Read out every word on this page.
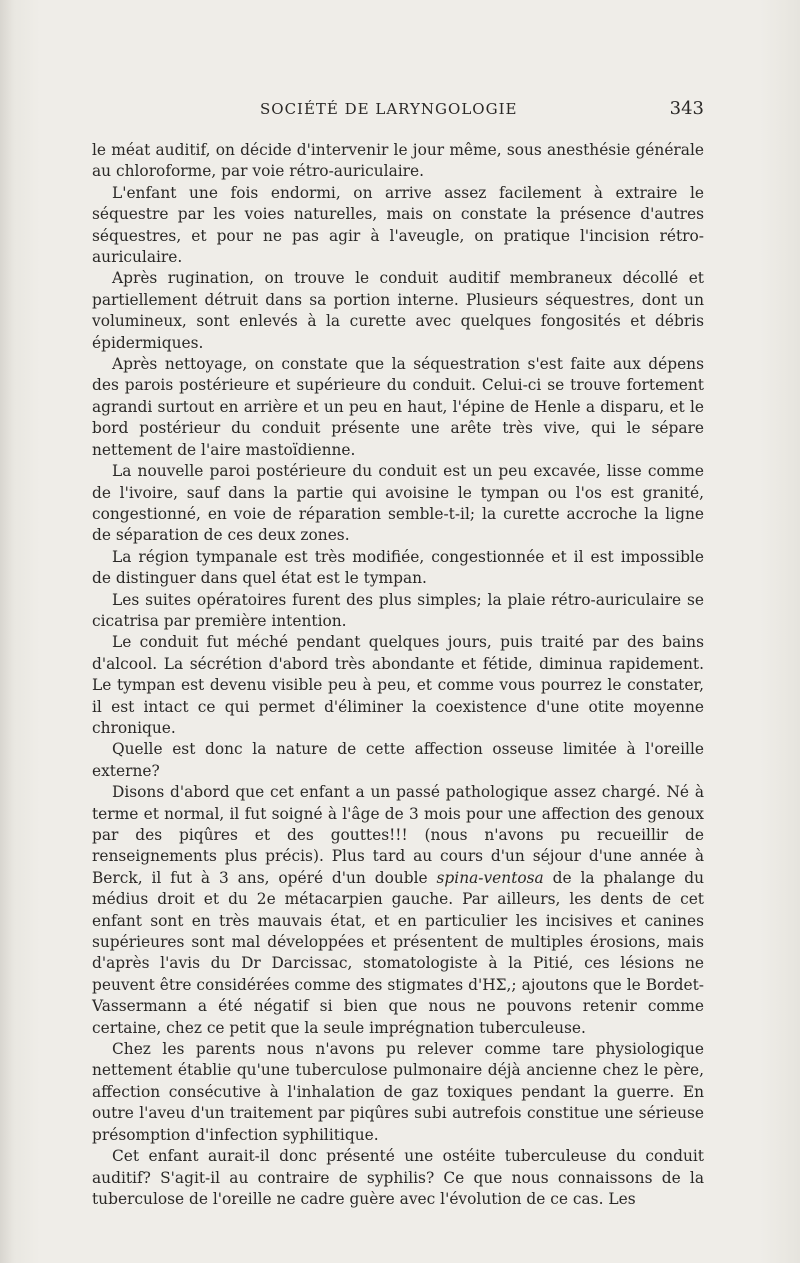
SOCIÉTÉ DE LARYNGOLOGIE	343

le méat auditif, on décide d'intervenir le jour même, sous anesthésie générale au chloroforme, par voie rétro-auriculaire.

L'enfant une fois endormi, on arrive assez facilement à extraire le séquestre par les voies naturelles, mais on constate la présence d'autres séquestres, et pour ne pas agir à l'aveugle, on pratique l'incision rétro-auriculaire.

Après rugination, on trouve le conduit auditif membraneux décollé et partiellement détruit dans sa portion interne. Plusieurs séquestres, dont un volumineux, sont enlevés à la curette avec quelques fongosités et débris épidermiques.

Après nettoyage, on constate que la séquestration s'est faite aux dépens des parois postérieure et supérieure du conduit. Celui-ci se trouve fortement agrandi surtout en arrière et un peu en haut, l'épine de Henle a disparu, et le bord postérieur du conduit présente une arête très vive, qui le sépare nettement de l'aire mastoïdienne.

La nouvelle paroi postérieure du conduit est un peu excavée, lisse comme de l'ivoire, sauf dans la partie qui avoisine le tympan ou l'os est granité, congestionné, en voie de réparation semble-t-il; la curette accroche la ligne de séparation de ces deux zones.

La région tympanale est très modifiée, congestionnée et il est impossible de distinguer dans quel état est le tympan.

Les suites opératoires furent des plus simples; la plaie rétro-auriculaire se cicatrisa par première intention.

Le conduit fut méché pendant quelques jours, puis traité par des bains d'alcool. La sécrétion d'abord très abondante et fétide, diminua rapidement. Le tympan est devenu visible peu à peu, et comme vous pourrez le constater, il est intact ce qui permet d'éliminer la coexistence d'une otite moyenne chronique.

Quelle est donc la nature de cette affection osseuse limitée à l'oreille externe?

Disons d'abord que cet enfant a un passé pathologique assez chargé. Né à terme et normal, il fut soigné à l'âge de 3 mois pour une affection des genoux par des piqûres et des gouttes!!! (nous n'avons pu recueillir de renseignements plus précis). Plus tard au cours d'un séjour d'une année à Berck, il fut à 3 ans, opéré d'un double spina-ventosa de la phalange du médius droit et du 2e métacarpien gauche. Par ailleurs, les dents de cet enfant sont en très mauvais état, et en particulier les incisives et canines supérieures sont mal développées et présentent de multiples érosions, mais d'après l'avis du Dr Darcissac, stomatologiste à la Pitié, ces lésions ne peuvent être considérées comme des stigmates d'HΣ,; ajoutons que le Bordet-Vassermann a été négatif si bien que nous ne pouvons retenir comme certaine, chez ce petit que la seule imprégnation tuberculeuse.

Chez les parents nous n'avons pu relever comme tare physiologique nettement établie qu'une tuberculose pulmonaire déjà ancienne chez le père, affection consécutive à l'inhalation de gaz toxiques pendant la guerre. En outre l'aveu d'un traitement par piqûres subi autrefois constitue une sérieuse présomption d'infection syphilitique.

Cet enfant aurait-il donc présenté une ostéite tuberculeuse du conduit auditif? S'agit-il au contraire de syphilis? Ce que nous connaissons de la tuberculose de l'oreille ne cadre guère avec l'évolution de ce cas. Les
